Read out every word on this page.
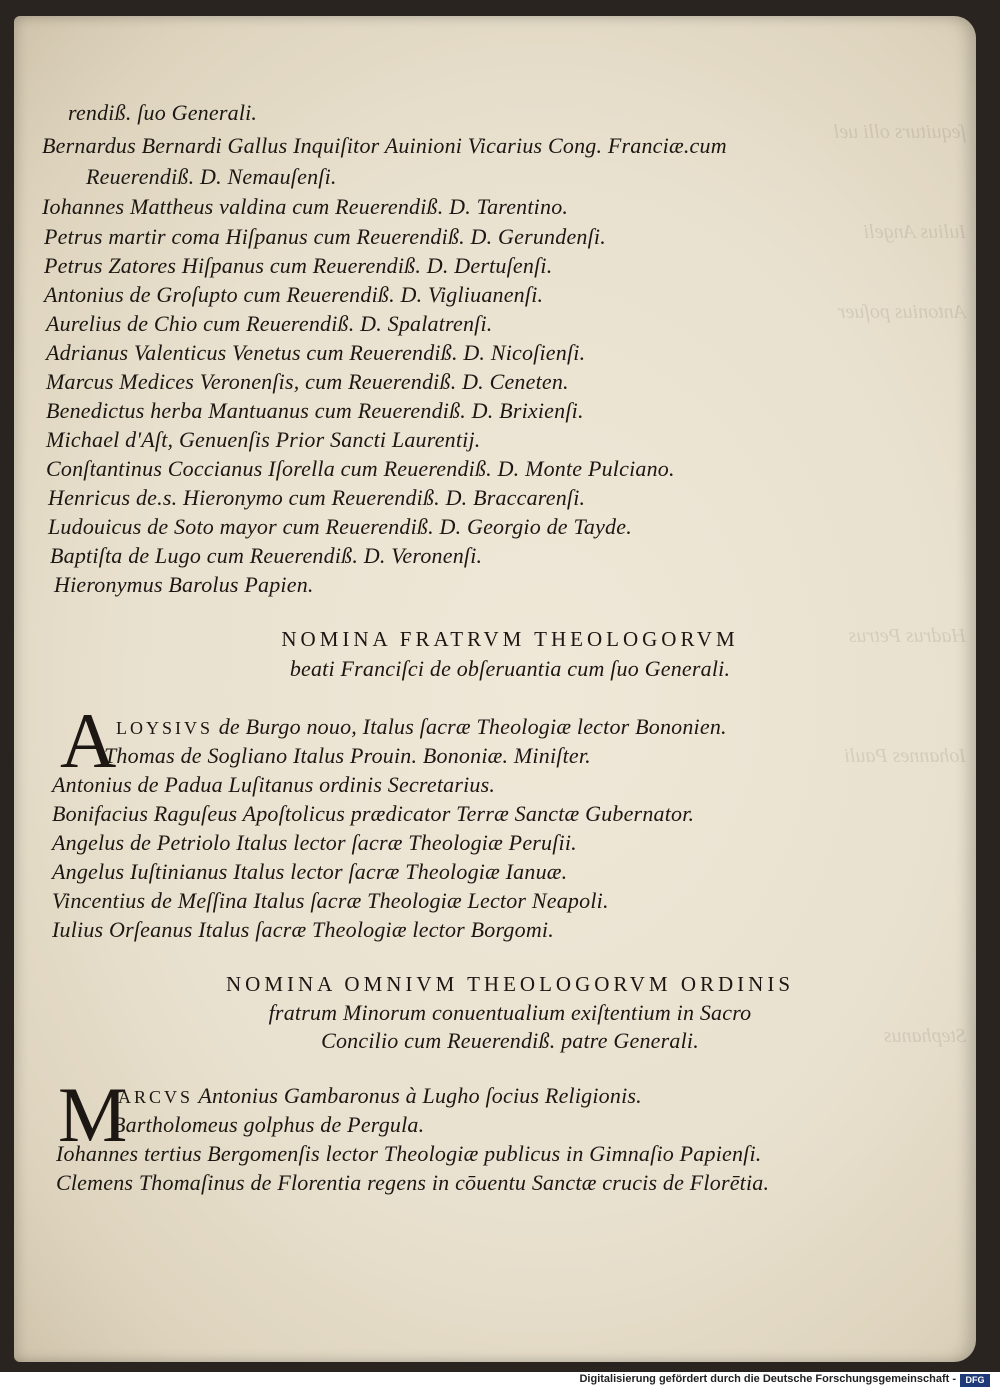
ſequiturs olli uel
Iulius Angeli
Antonius poſuer
Hadrus Petrus
Iohannes Pauli
Stephanus
rendiß. ſuo Generali.
Bernardus Bernardi Gallus Inquiſitor Auinioni Vicarius Cong. Franciæ.cum
Reuerendiß. D. Nemauſenſi.
Iohannes Mattheus valdina cum Reuerendiß. D. Tarentino.
Petrus martir coma Hiſpanus cum Reuerendiß. D. Gerundenſi.
Petrus Zatores Hiſpanus cum Reuerendiß. D. Dertuſenſi.
Antonius de Groſupto cum Reuerendiß. D. Vigliuanenſi.
Aurelius de Chio cum Reuerendiß. D. Spalatrenſi.
Adrianus Valenticus Venetus cum Reuerendiß. D. Nicoſienſi.
Marcus Medices Veronenſis, cum Reuerendiß. D. Ceneten.
Benedictus herba Mantuanus cum Reuerendiß. D. Brixienſi.
Michael d'Aſt, Genuenſis Prior Sancti Laurentij.
Conſtantinus Coccianus Iſorella cum Reuerendiß. D. Monte Pulciano.
Henricus de.s. Hieronymo cum Reuerendiß. D. Braccarenſi.
Ludouicus de Soto mayor cum Reuerendiß. D. Georgio de Tayde.
Baptiſta de Lugo cum Reuerendiß. D. Veronenſi.
Hieronymus Barolus Papien.
NOMINA FRATRVM THEOLOGORVM
beati Franciſci de obſeruantia cum ſuo Generali.
A LOYSIVS de Burgo nouo, Italus ſacræ Theologiæ lector Bononien.
Thomas de Sogliano Italus Prouin. Bononiæ. Miniſter.
Antonius de Padua Luſitanus ordinis Secretarius.
Bonifacius Raguſeus Apoſtolicus prædicator Terræ Sanctæ Gubernator.
Angelus de Petriolo Italus lector ſacræ Theologiæ Peruſii.
Angelus Iuſtinianus Italus lector ſacræ Theologiæ Ianuæ.
Vincentius de Meſſina Italus ſacræ Theologiæ Lector Neapoli.
Iulius Orſeanus Italus ſacræ Theologiæ lector Borgomi.
NOMINA OMNIVM THEOLOGORVM ORDINIS
fratrum Minorum conuentualium exiſtentium in Sacro
Concilio cum Reuerendiß. patre Generali.
M
ARCVS Antonius Gambaronus à Lugho ſocius Religionis.
Bartholomeus golphus de Pergula.
Iohannes tertius Bergomenſis lector Theologiæ publicus in Gimnaſio Papienſi.
Clemens Thomaſinus de Florentia regens in cōuentu Sanctæ crucis de Florētia.
Digitalisierung gefördert durch die Deutsche Forschungsgemeinschaft -	DFG
